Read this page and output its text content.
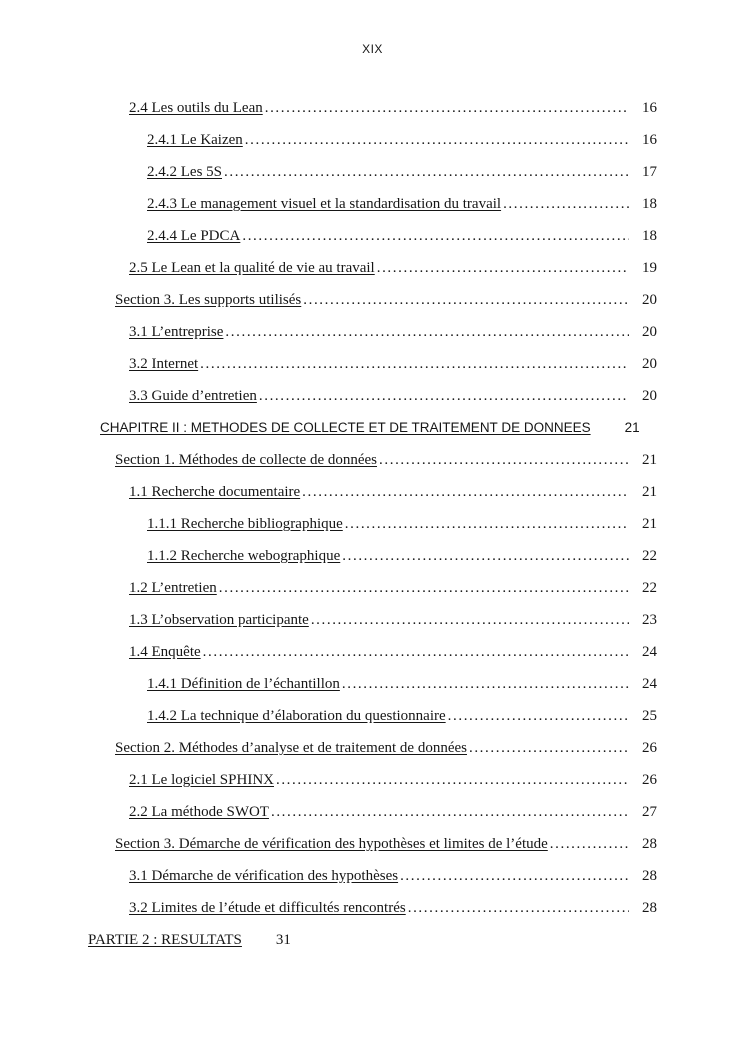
XIX
2.4 Les outils du Lean .....	16
2.4.1 Le Kaizen .....	16
2.4.2 Les 5S .....	17
2.4.3 Le management visuel et la standardisation du travail .....	18
2.4.4 Le PDCA .....	18
2.5 Le Lean et la qualité de vie au travail .....	19
Section 3. Les supports utilisés .....	20
3.1 L’entreprise .....	20
3.2 Internet .....	20
3.3 Guide d’entretien .....	20
CHAPITRE II : METHODES DE COLLECTE ET DE TRAITEMENT DE DONNEES	21
Section 1. Méthodes de collecte de données .....	21
1.1 Recherche documentaire .....	21
1.1.1 Recherche bibliographique .....	21
1.1.2 Recherche webographique .....	22
1.2 L’entretien .....	22
1.3 L’observation participante .....	23
1.4 Enquête .....	24
1.4.1 Définition de l’échantillon .....	24
1.4.2 La technique d’élaboration du questionnaire .....	25
Section 2. Méthodes d’analyse et de traitement de données .....	26
2.1 Le logiciel SPHINX .....	26
2.2 La méthode SWOT .....	27
Section 3. Démarche de vérification des hypothèses et limites de l’étude .....	28
3.1 Démarche de vérification des hypothèses .....	28
3.2 Limites de l’étude et difficultés rencontrés .....	28
PARTIE 2 : RESULTATS 31
